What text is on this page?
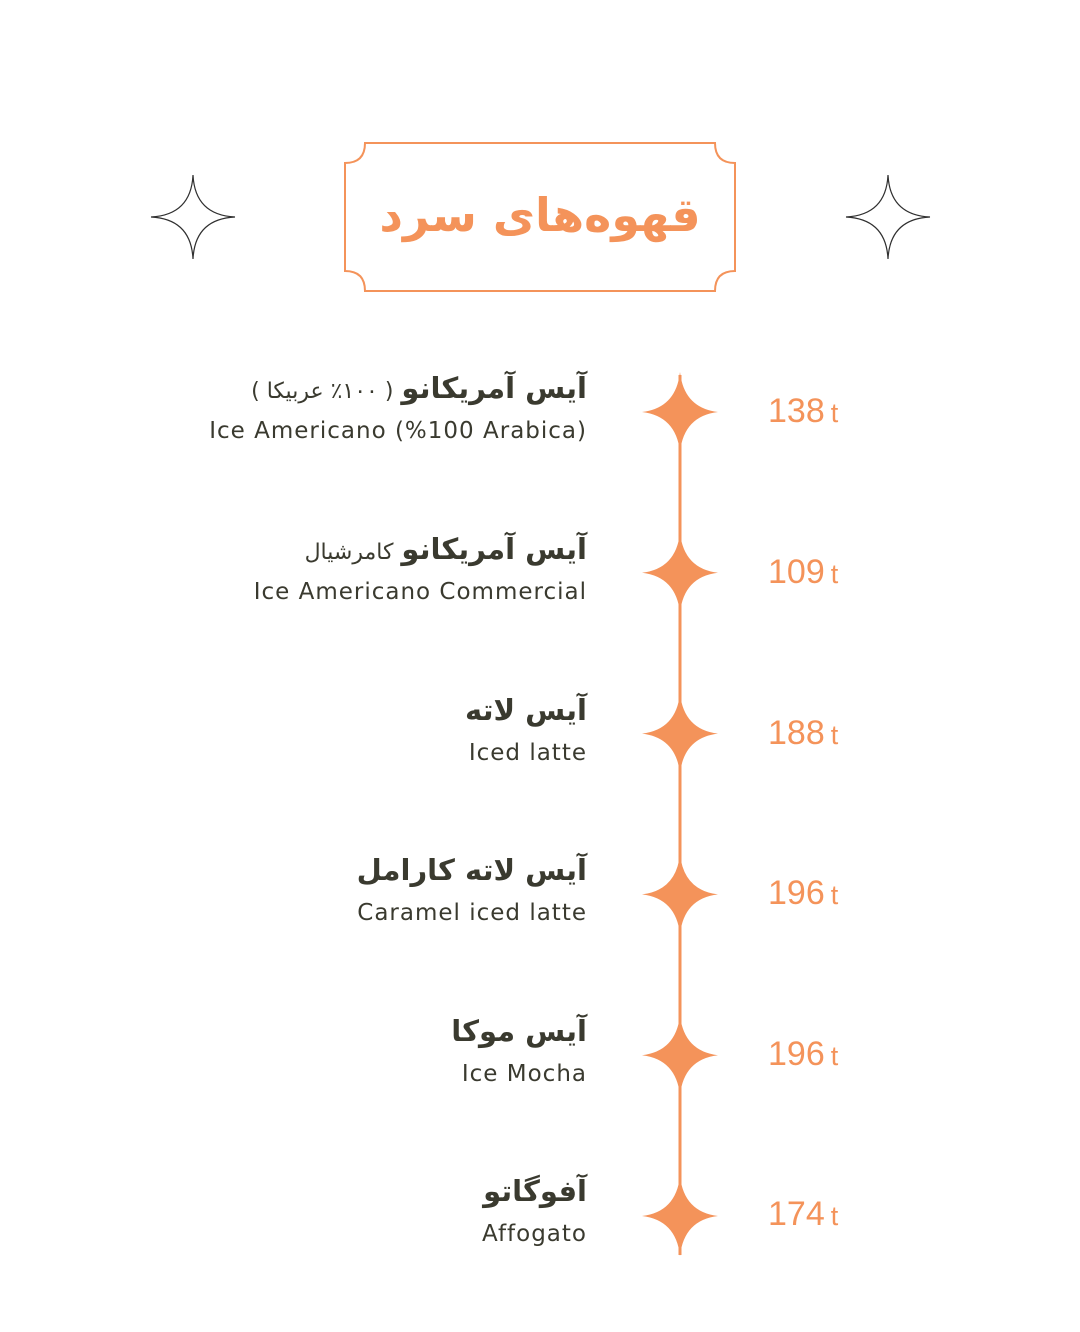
قهوه‌های سرد
آیس آمریکانو( ۱۰۰٪ عربیکا )
Ice Americano (%100 Arabica)
138 t
آیس آمریکانوکامرشیال
Ice Americano Commercial
109 t
آیس لاته
Iced latte
188 t
آیس لاته کارامل
Caramel iced latte
196 t
آیس موکا
Ice Mocha
196 t
آفوگاتو
Affogato
174 t
